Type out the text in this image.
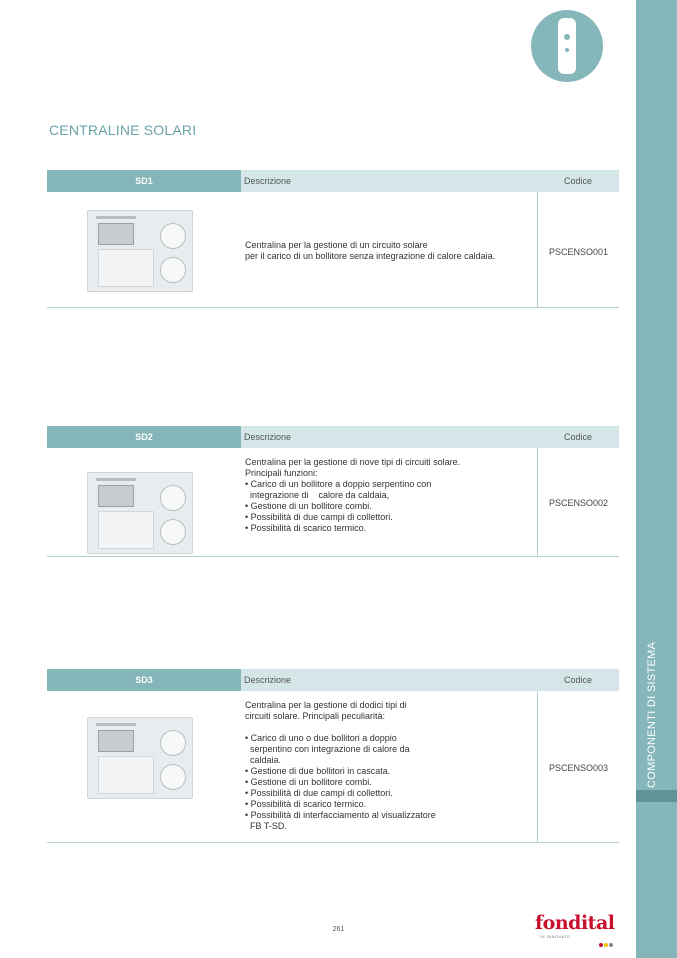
CENTRALINE SOLARI
SD1	Descrizione	Codice
Centralina per la gestione di un circuito solare
per il carico di un bollitore senza integrazione di calore caldaia.	PSCENSO001
SD2	Descrizione	Codice
Centralina per la gestione di nove tipi di circuiti solare.
Principali funzioni:
• Carico di un bollitore a doppio serpentino con
integrazione di    calore da caldaia,
• Gestione di un bollitore combi.
• Possibilità di due campi di collettori.
• Possibilità di scarico termico.
PSCENSO002
SD3	Descrizione	Codice
Centralina per la gestione di dodici tipi di
circuiti solare. Principali peculiarità:

• Carico di uno o due bollitori a doppio
serpentino con integrazione di calore da
caldaia.
• Gestione di due bollitori in cascata.
• Gestione di un bollitore combi.
• Possibilità di due campi di collettori.
• Possibilità di scarico termico.
• Possibilità di interfacciamento al visualizzatore
FB T-SD.
PSCENSO003
261	fondital
IN INNOVATE
